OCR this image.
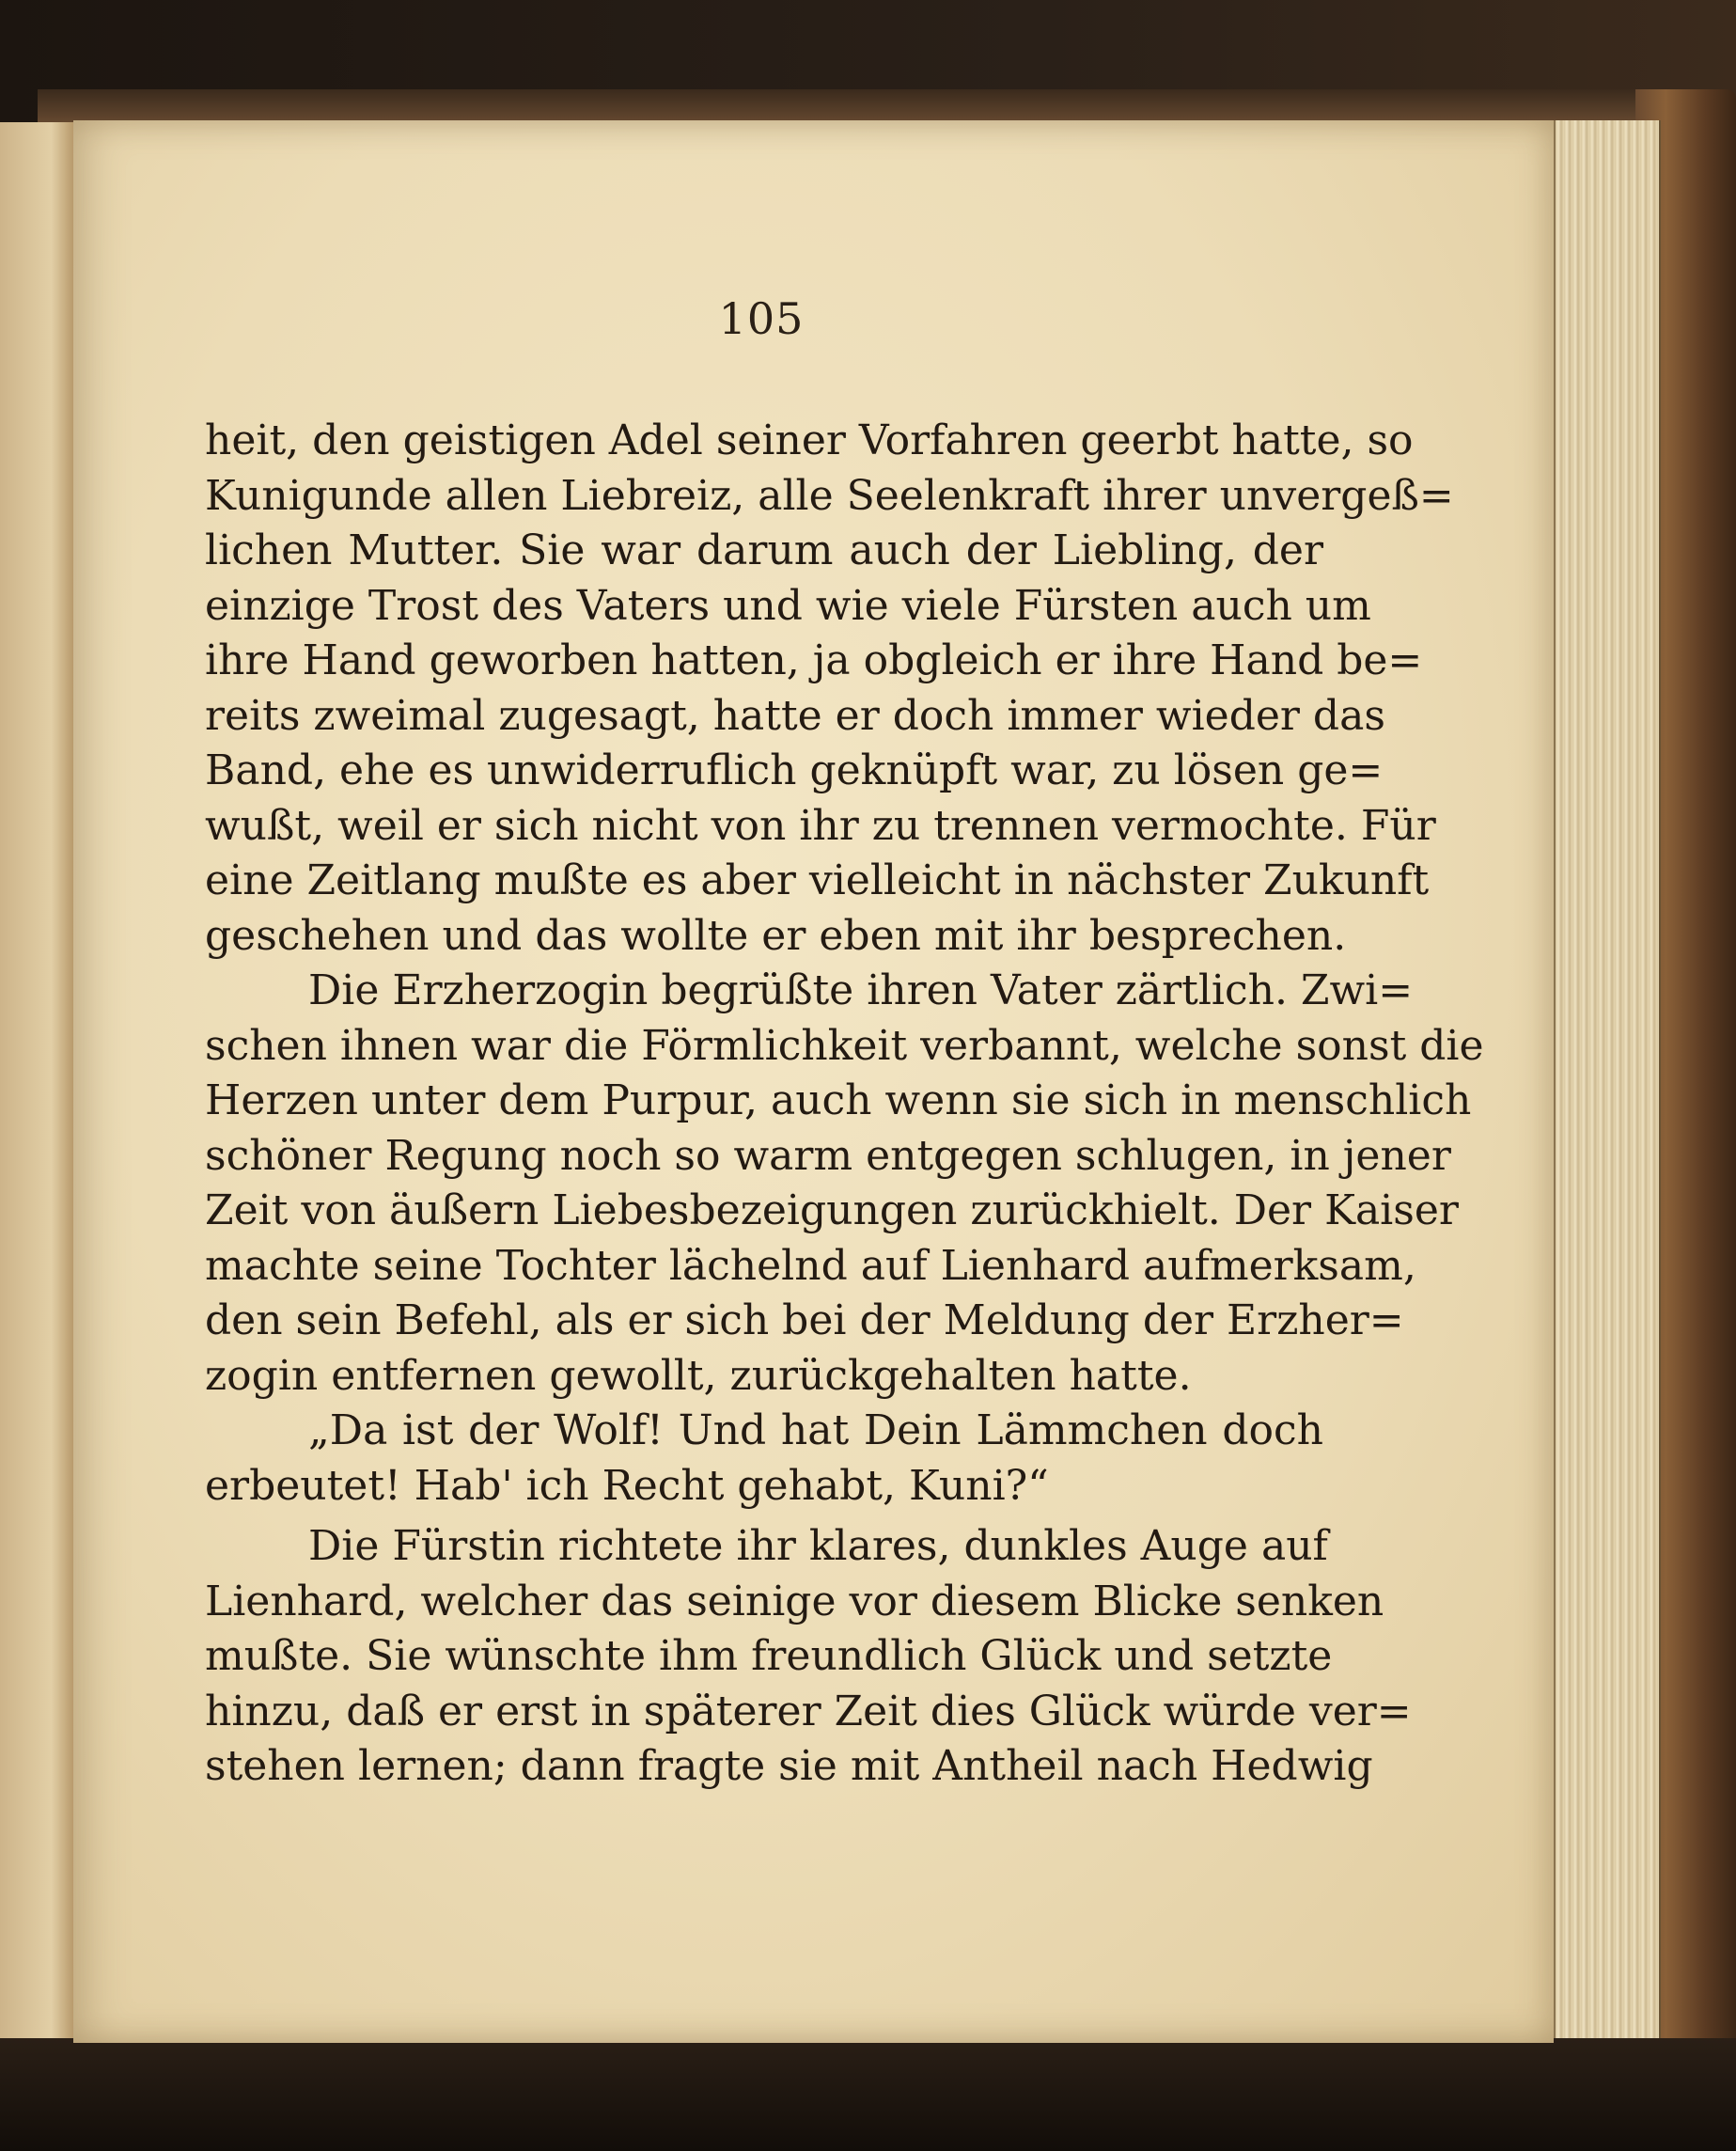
105
heit, den geistigen Adel seiner Vorfahren geerbt hatte, so
Kunigunde allen Liebreiz, alle Seelenkraft ihrer unvergeß=
lichen Mutter. Sie war darum auch der Liebling, der
einzige Trost des Vaters und wie viele Fürsten auch um
ihre Hand geworben hatten, ja obgleich er ihre Hand be=
reits zweimal zugesagt, hatte er doch immer wieder das
Band, ehe es unwiderruflich geknüpft war, zu lösen ge=
wußt, weil er sich nicht von ihr zu trennen vermochte. Für
eine Zeitlang mußte es aber vielleicht in nächster Zukunft
geschehen und das wollte er eben mit ihr besprechen.
Die Erzherzogin begrüßte ihren Vater zärtlich. Zwi=
schen ihnen war die Förmlichkeit verbannt, welche sonst die
Herzen unter dem Purpur, auch wenn sie sich in menschlich
schöner Regung noch so warm entgegen schlugen, in jener
Zeit von äußern Liebesbezeigungen zurückhielt. Der Kaiser
machte seine Tochter lächelnd auf Lienhard aufmerksam,
den sein Befehl, als er sich bei der Meldung der Erzher=
zogin entfernen gewollt, zurückgehalten hatte.
„Da ist der Wolf! Und hat Dein Lämmchen doch
erbeutet! Hab' ich Recht gehabt, Kuni?“
Die Fürstin richtete ihr klares, dunkles Auge auf
Lienhard, welcher das seinige vor diesem Blicke senken
mußte. Sie wünschte ihm freundlich Glück und setzte
hinzu, daß er erst in späterer Zeit dies Glück würde ver=
stehen lernen; dann fragte sie mit Antheil nach Hedwig
